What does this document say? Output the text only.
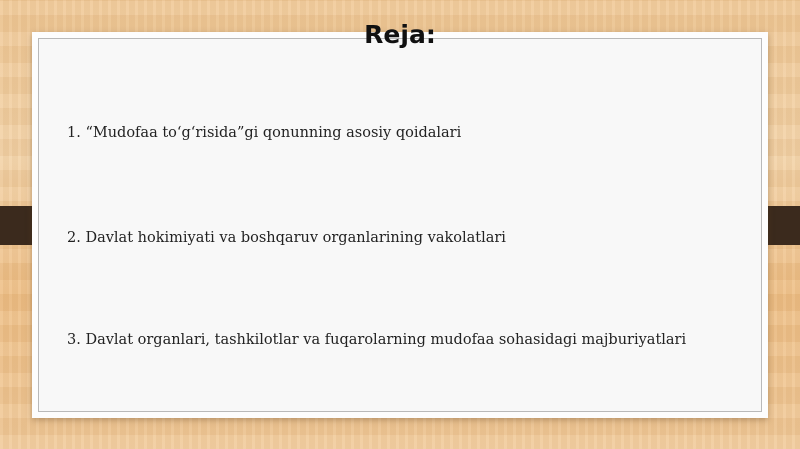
Reja:
1. “Mudofaa to‘g‘risida”gi qonunning asosiy qoidalari
2. Davlat hokimiyati va boshqaruv organlarining vakolatlari
3. Davlat organlari, tashkilotlar va fuqarolarning mudofaa sohasidagi majburiyatlari
